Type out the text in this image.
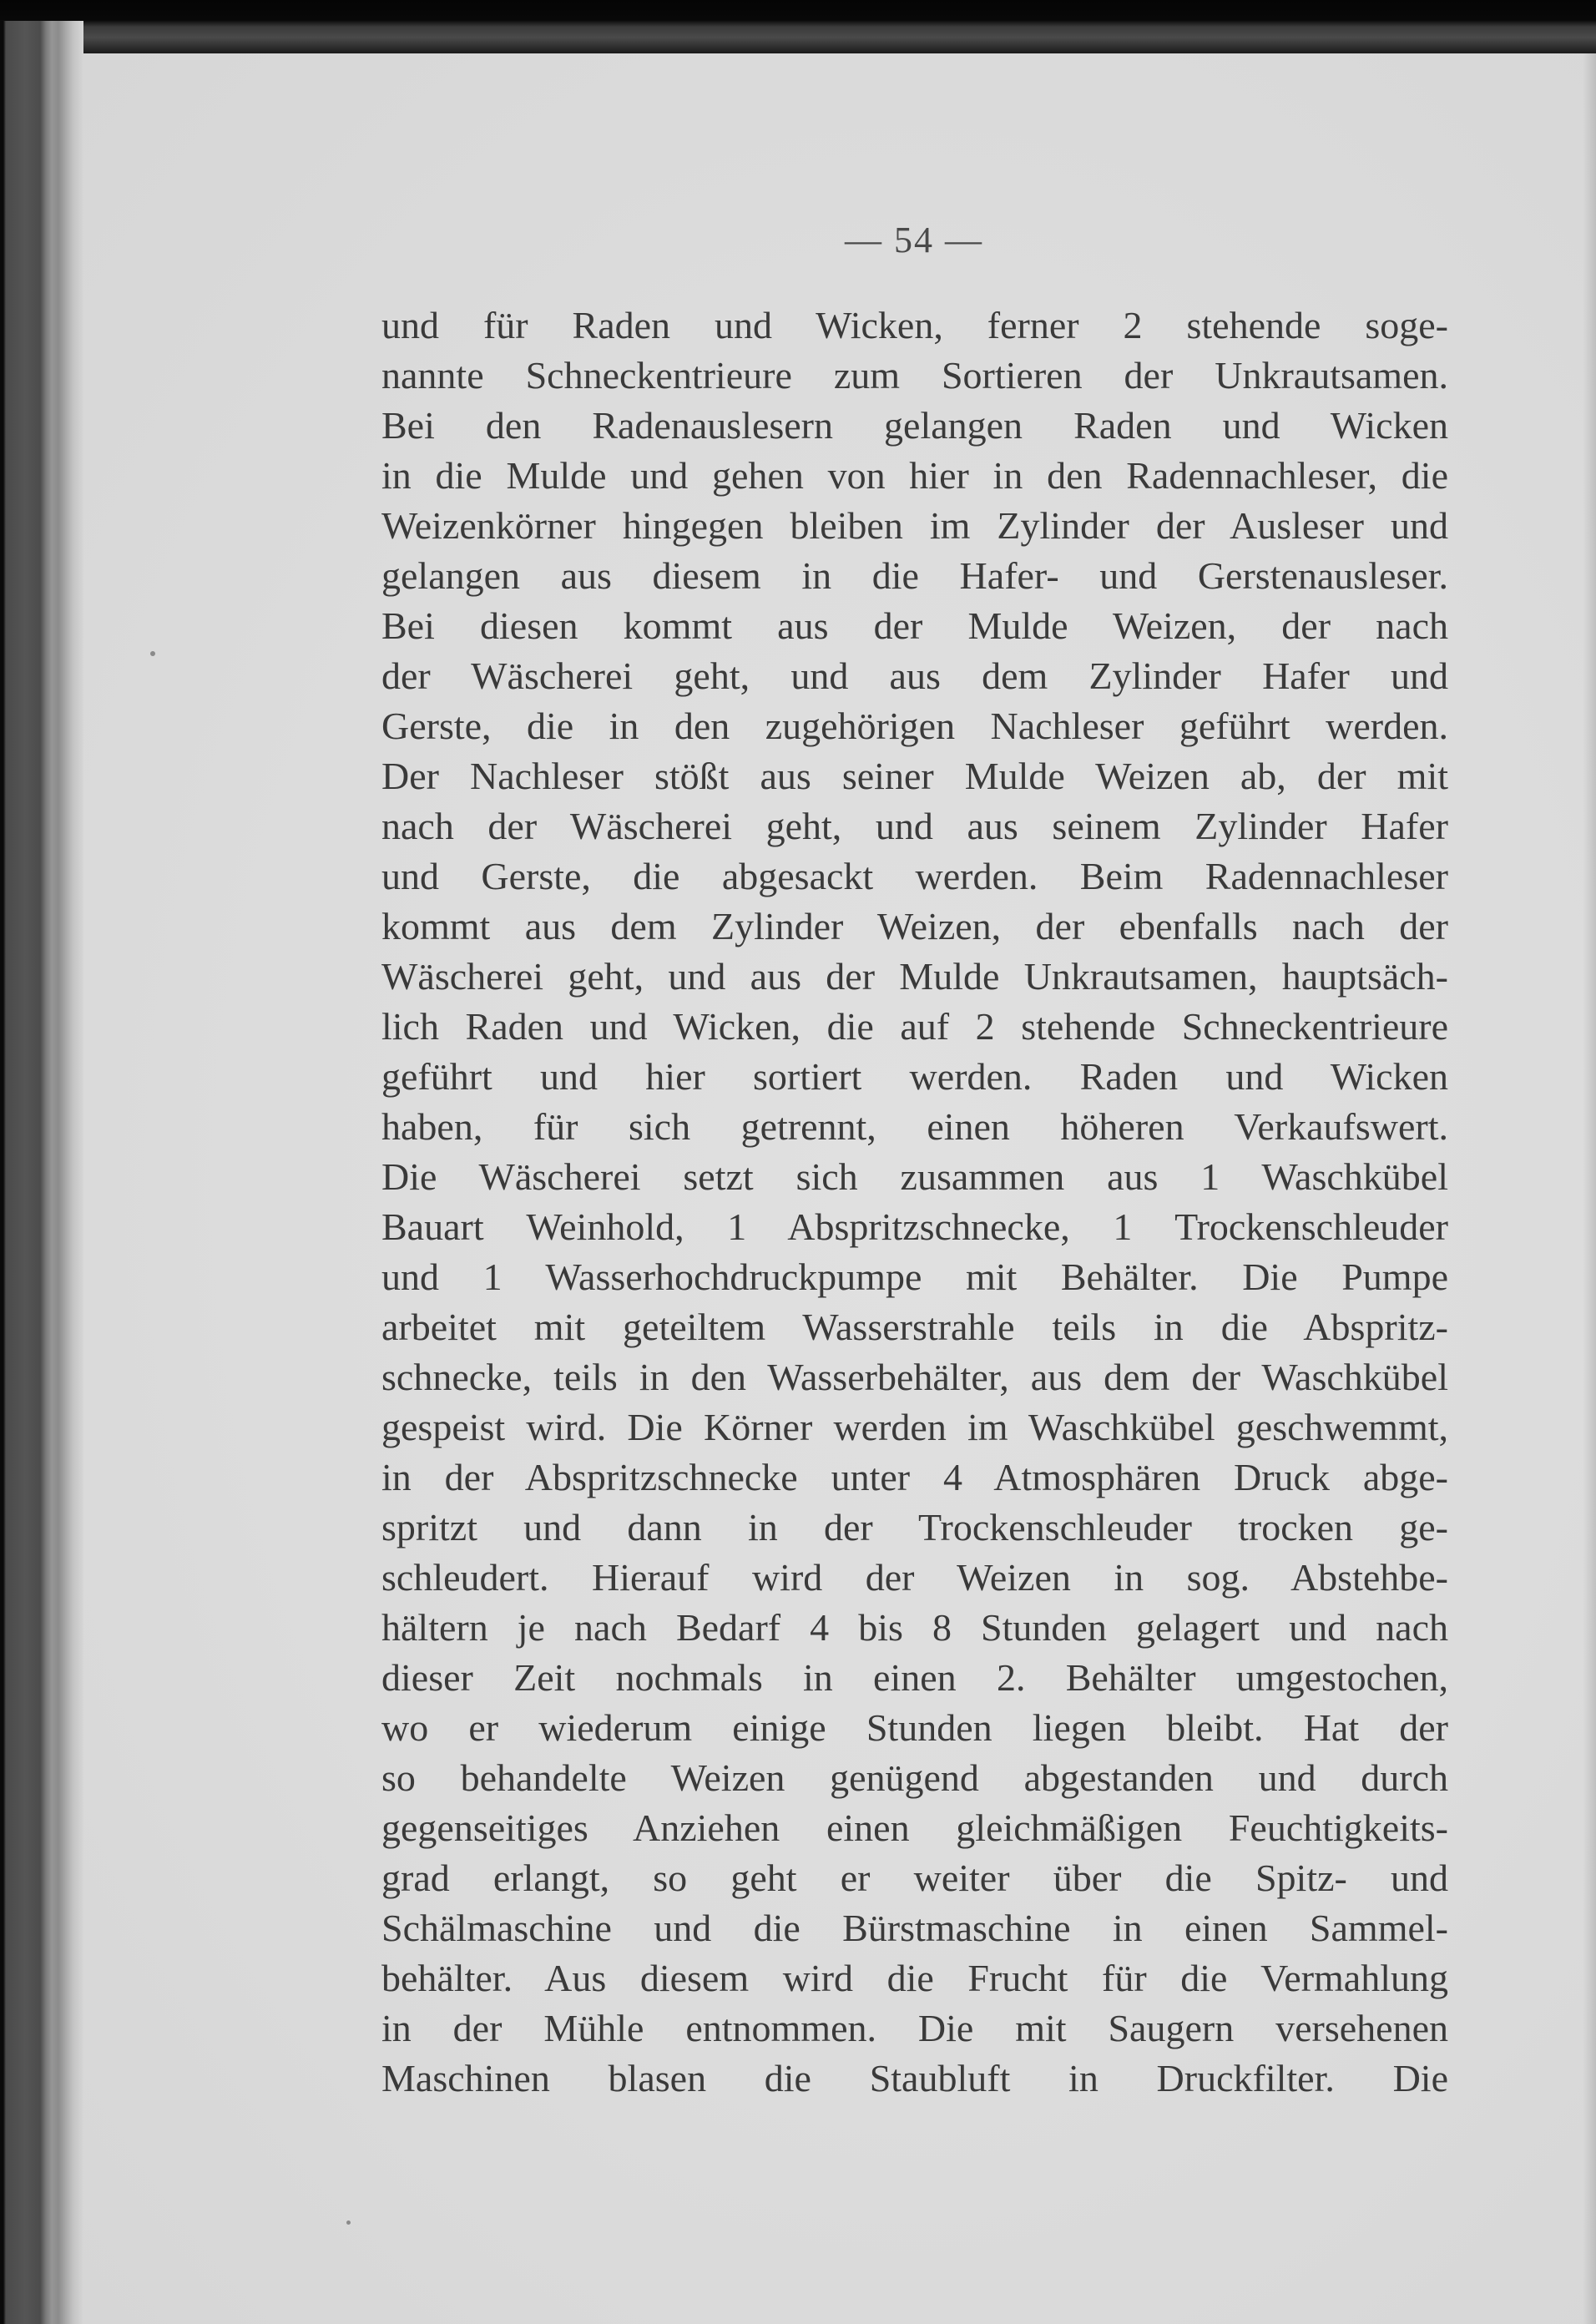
— 54 —
und für Raden und Wicken, ferner 2 stehende soge-
nannte Schneckentrieure zum Sortieren der Unkrautsamen.
Bei den Radenauslesern gelangen Raden und Wicken
in die Mulde und gehen von hier in den Radennachleser, die
Weizenkörner hingegen bleiben im Zylinder der Ausleser und
gelangen aus diesem in die Hafer- und Gerstenausleser.
Bei diesen kommt aus der Mulde Weizen, der nach
der Wäscherei geht, und aus dem Zylinder Hafer und
Gerste, die in den zugehörigen Nachleser geführt werden.
Der Nachleser stößt aus seiner Mulde Weizen ab, der mit
nach der Wäscherei geht, und aus seinem Zylinder Hafer
und Gerste, die abgesackt werden. Beim Radennachleser
kommt aus dem Zylinder Weizen, der ebenfalls nach der
Wäscherei geht, und aus der Mulde Unkrautsamen, hauptsäch-
lich Raden und Wicken, die auf 2 stehende Schneckentrieure
geführt und hier sortiert werden. Raden und Wicken
haben, für sich getrennt, einen höheren Verkaufswert.
Die Wäscherei setzt sich zusammen aus 1 Waschkübel
Bauart Weinhold, 1 Abspritzschnecke, 1 Trockenschleuder
und 1 Wasserhochdruckpumpe mit Behälter. Die Pumpe
arbeitet mit geteiltem Wasserstrahle teils in die Abspritz-
schnecke, teils in den Wasserbehälter, aus dem der Waschkübel
gespeist wird. Die Körner werden im Waschkübel geschwemmt,
in der Abspritzschnecke unter 4 Atmosphären Druck abge-
spritzt und dann in der Trockenschleuder trocken ge-
schleudert. Hierauf wird der Weizen in sog. Abstehbe-
hältern je nach Bedarf 4 bis 8 Stunden gelagert und nach
dieser Zeit nochmals in einen 2. Behälter umgestochen,
wo er wiederum einige Stunden liegen bleibt. Hat der
so behandelte Weizen genügend abgestanden und durch
gegenseitiges Anziehen einen gleichmäßigen Feuchtigkeits-
grad erlangt, so geht er weiter über die Spitz- und
Schälmaschine und die Bürstmaschine in einen Sammel-
behälter. Aus diesem wird die Frucht für die Vermahlung
in der Mühle entnommen. Die mit Saugern versehenen
Maschinen blasen die Staubluft in Druckfilter. Die
